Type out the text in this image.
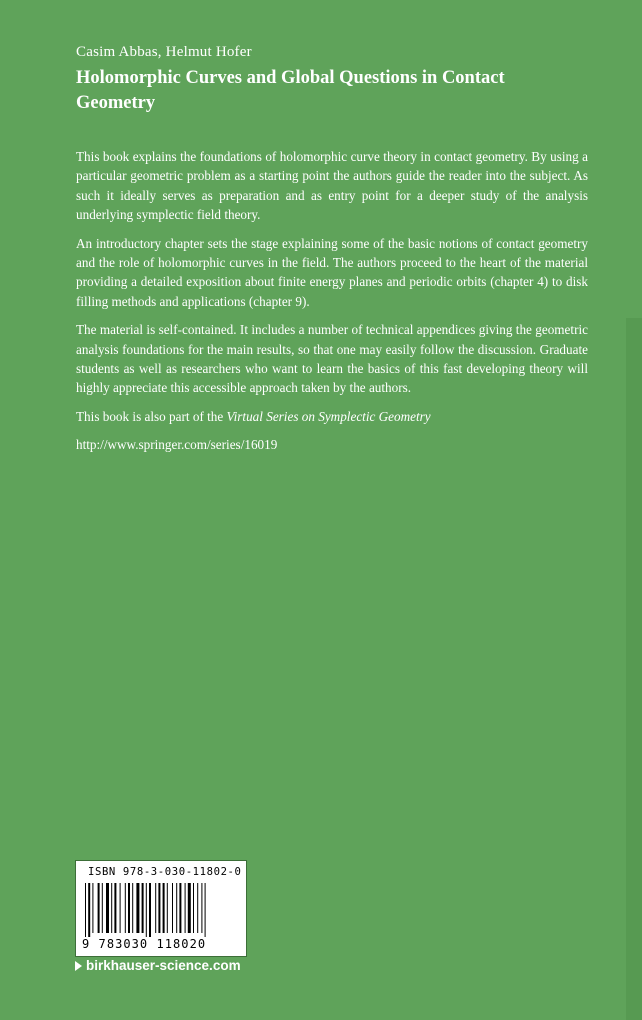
Casim Abbas, Helmut Hofer
Holomorphic Curves and Global Questions in Contact Geometry

This book explains the foundations of holomorphic curve theory in contact geometry. By using a particular geometric problem as a starting point the authors guide the reader into the subject. As such it ideally serves as preparation and as entry point for a deeper study of the analysis underlying symplectic field theory.

An introductory chapter sets the stage explaining some of the basic notions of contact geometry and the role of holomorphic curves in the field. The authors proceed to the heart of the material providing a detailed exposition about finite energy planes and periodic orbits (chapter 4) to disk filling methods and applications (chapter 9).

The material is self-contained. It includes a number of technical appendices giving the geometric analysis foundations for the main results, so that one may easily follow the discussion. Graduate students as well as researchers who want to learn the basics of this fast developing theory will highly appreciate this accessible approach taken by the authors.

This book is also part of the Virtual Series on Symplectic Geometry

http://www.springer.com/series/16019

ISBN 978-3-030-11802-0
9 783030 118020
birkhauser-science.com
